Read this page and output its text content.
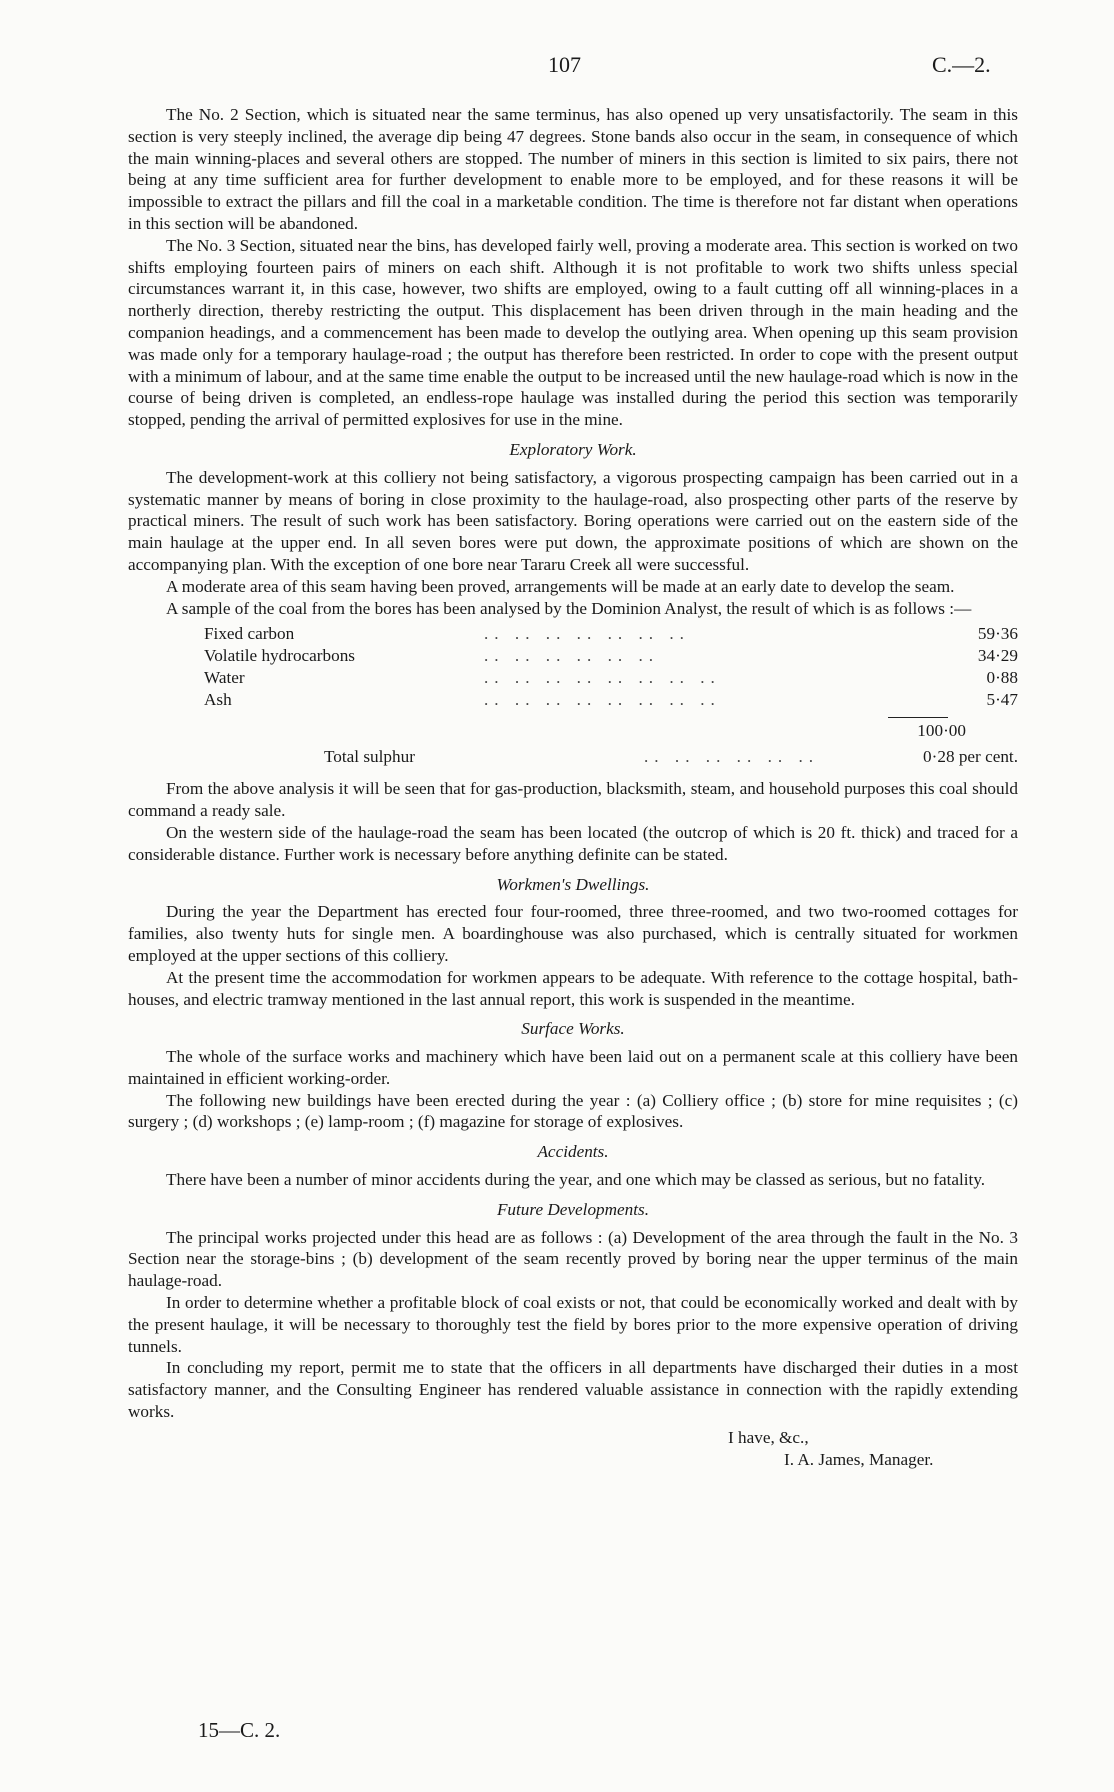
107	C.—2.

The No. 2 Section, which is situated near the same terminus, has also opened up very unsatisfactorily. The seam in this section is very steeply inclined, the average dip being 47 degrees. Stone bands also occur in the seam, in consequence of which the main winning-places and several others are stopped. The number of miners in this section is limited to six pairs, there not being at any time sufficient area for further development to enable more to be employed, and for these reasons it will be impossible to extract the pillars and fill the coal in a marketable condition. The time is therefore not far distant when operations in this section will be abandoned.

The No. 3 Section, situated near the bins, has developed fairly well, proving a moderate area. This section is worked on two shifts employing fourteen pairs of miners on each shift. Although it is not profitable to work two shifts unless special circumstances warrant it, in this case, however, two shifts are employed, owing to a fault cutting off all winning-places in a northerly direction, thereby restricting the output. This displacement has been driven through in the main heading and the companion headings, and a commencement has been made to develop the outlying area. When opening up this seam provision was made only for a temporary haulage-road ; the output has therefore been restricted. In order to cope with the present output with a minimum of labour, and at the same time enable the output to be increased until the new haulage-road which is now in the course of being driven is completed, an endless-rope haulage was installed during the period this section was temporarily stopped, pending the arrival of permitted explosives for use in the mine.

Exploratory Work.

The development-work at this colliery not being satisfactory, a vigorous prospecting campaign has been carried out in a systematic manner by means of boring in close proximity to the haulage-road, also prospecting other parts of the reserve by practical miners. The result of such work has been satisfactory. Boring operations were carried out on the eastern side of the main haulage at the upper end. In all seven bores were put down, the approximate positions of which are shown on the accompanying plan. With the exception of one bore near Tararu Creek all were successful.

A moderate area of this seam having been proved, arrangements will be made at an early date to develop the seam.

A sample of the coal from the bores has been analysed by the Dominion Analyst, the result of which is as follows :—

Fixed carbon	.. .. .. .. .. .. ..	59·36
Volatile hydrocarbons	.. .. .. .. .. ..	34·29
Water	.. .. .. .. .. .. .. ..	0·88
Ash	.. .. .. .. .. .. .. ..	5·47
100·00
Total sulphur	.. .. .. .. .. ..	0·28 per cent.

From the above analysis it will be seen that for gas-production, blacksmith, steam, and household purposes this coal should command a ready sale.

On the western side of the haulage-road the seam has been located (the outcrop of which is 20 ft. thick) and traced for a considerable distance. Further work is necessary before anything definite can be stated.

Workmen's Dwellings.

During the year the Department has erected four four-roomed, three three-roomed, and two two-roomed cottages for families, also twenty huts for single men. A boardinghouse was also purchased, which is centrally situated for workmen employed at the upper sections of this colliery.

At the present time the accommodation for workmen appears to be adequate. With reference to the cottage hospital, bath-houses, and electric tramway mentioned in the last annual report, this work is suspended in the meantime.

Surface Works.

The whole of the surface works and machinery which have been laid out on a permanent scale at this colliery have been maintained in efficient working-order.

The following new buildings have been erected during the year : (a) Colliery office ; (b) store for mine requisites ; (c) surgery ; (d) workshops ; (e) lamp-room ; (f) magazine for storage of explosives.

Accidents.

There have been a number of minor accidents during the year, and one which may be classed as serious, but no fatality.

Future Developments.

The principal works projected under this head are as follows : (a) Development of the area through the fault in the No. 3 Section near the storage-bins ; (b) development of the seam recently proved by boring near the upper terminus of the main haulage-road.

In order to determine whether a profitable block of coal exists or not, that could be economically worked and dealt with by the present haulage, it will be necessary to thoroughly test the field by bores prior to the more expensive operation of driving tunnels.

In concluding my report, permit me to state that the officers in all departments have discharged their duties in a most satisfactory manner, and the Consulting Engineer has rendered valuable assistance in connection with the rapidly extending works.

I have, &c.,
I. A. James, Manager.
15—C. 2.
